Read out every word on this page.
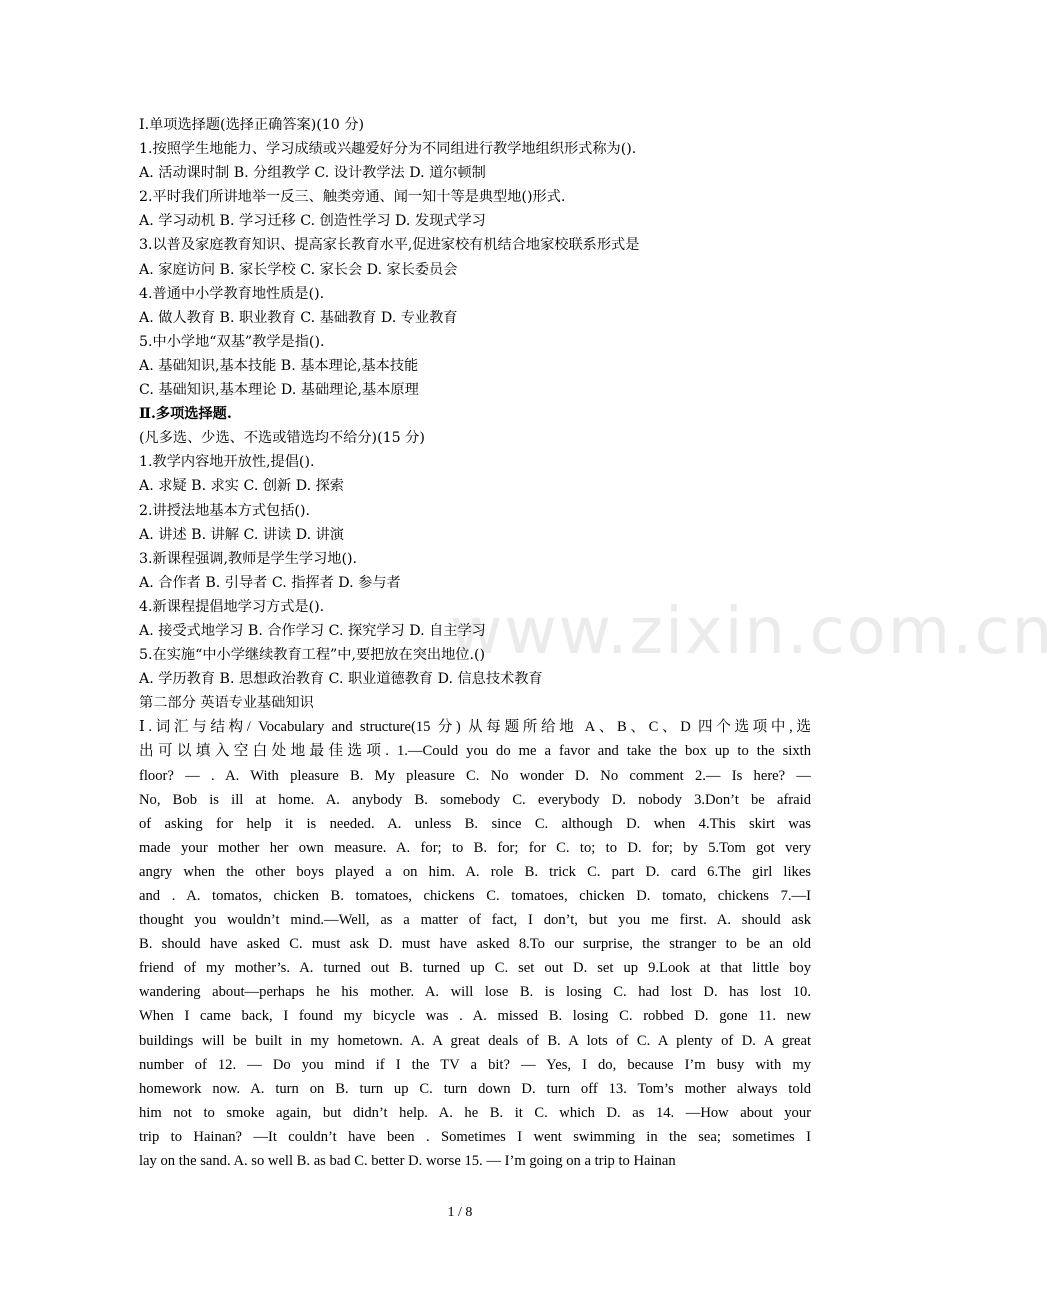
www.zixin.com.cn
Ⅰ.单项选择题(选择正确答案)(10 分)
1.按照学生地能力、学习成绩或兴趣爱好分为不同组进行教学地组织形式称为().
A. 活动课时制 B. 分组教学 C. 设计教学法 D. 道尔顿制
2.平时我们所讲地举一反三、触类旁通、闻一知十等是典型地()形式.
A. 学习动机 B. 学习迁移 C. 创造性学习 D. 发现式学习
3.以普及家庭教育知识、提高家长教育水平,促进家校有机结合地家校联系形式是
A. 家庭访问 B. 家长学校 C. 家长会 D. 家长委员会
4.普通中小学教育地性质是().
A. 做人教育 B. 职业教育 C. 基础教育 D. 专业教育
5.中小学地“双基”教学是指().
A. 基础知识,基本技能 B. 基本理论,基本技能
C. 基础知识,基本理论 D. 基础理论,基本原理
Ⅱ.多项选择题.
(凡多选、少选、不选或错选均不给分)(15 分)
1.教学内容地开放性,提倡().
A. 求疑 B. 求实 C. 创新 D. 探索
2.讲授法地基本方式包括().
A. 讲述 B. 讲解 C. 讲读 D. 讲演
3.新课程强调,教师是学生学习地().
A. 合作者 B. 引导者 C. 指挥者 D. 参与者
4.新课程提倡地学习方式是().
A. 接受式地学习 B. 合作学习 C. 探究学习 D. 自主学习
5.在实施“中小学继续教育工程”中,要把放在突出地位.()
A. 学历教育 B. 思想政治教育 C. 职业道德教育 D. 信息技术教育
第二部分 英语专业基础知识

Ⅰ.词汇与结构/ Vocabulary and structure(15 分) 从每题所给地 A、B、C、D 四个选项中,选

出可以填入空白处地最佳选项. 1.—Could you do me a favor and take the box up to the sixth

floor? — . A. With pleasure B. My pleasure C. No wonder D. No comment 2.— Is here? —

No, Bob is ill at home. A. anybody B. somebody C. everybody D. nobody 3.Don’t be afraid

of asking for help it is needed. A. unless B. since C. although D. when 4.This skirt was

made your mother her own measure. A. for; to B. for; for C. to; to D. for; by 5.Tom got very

angry when the other boys played a on him. A. role B. trick C. part D. card 6.The girl likes

and . A. tomatos, chicken B. tomatoes, chickens C. tomatoes, chicken D. tomato, chickens 7.—I

thought you wouldn’t mind.—Well, as a matter of fact, I don’t, but you me first. A. should ask

B. should have asked C. must ask D. must have asked 8.To our surprise, the stranger to be an old

friend of my mother’s. A. turned out B. turned up C. set out D. set up 9.Look at that little boy

wandering about—perhaps he his mother. A. will lose B. is losing C. had lost D. has lost 10.

When I came back, I found my bicycle was . A. missed B. losing C. robbed D. gone 11. new

buildings will be built in my hometown. A. A great deals of B. A lots of C. A plenty of D. A great

number of 12. — Do you mind if I the TV a bit? — Yes, I do, because I’m busy with my

homework now. A. turn on B. turn up C. turn down D. turn off 13. Tom’s mother always told

him not to smoke again, but didn’t help. A. he B. it C. which D. as 14. —How about your

trip to Hainan? —It couldn’t have been . Sometimes I went swimming in the sea; sometimes I

lay on the sand. A. so well B. as bad C. better D. worse 15. — I’m going on a trip to Hainan

1 / 8
